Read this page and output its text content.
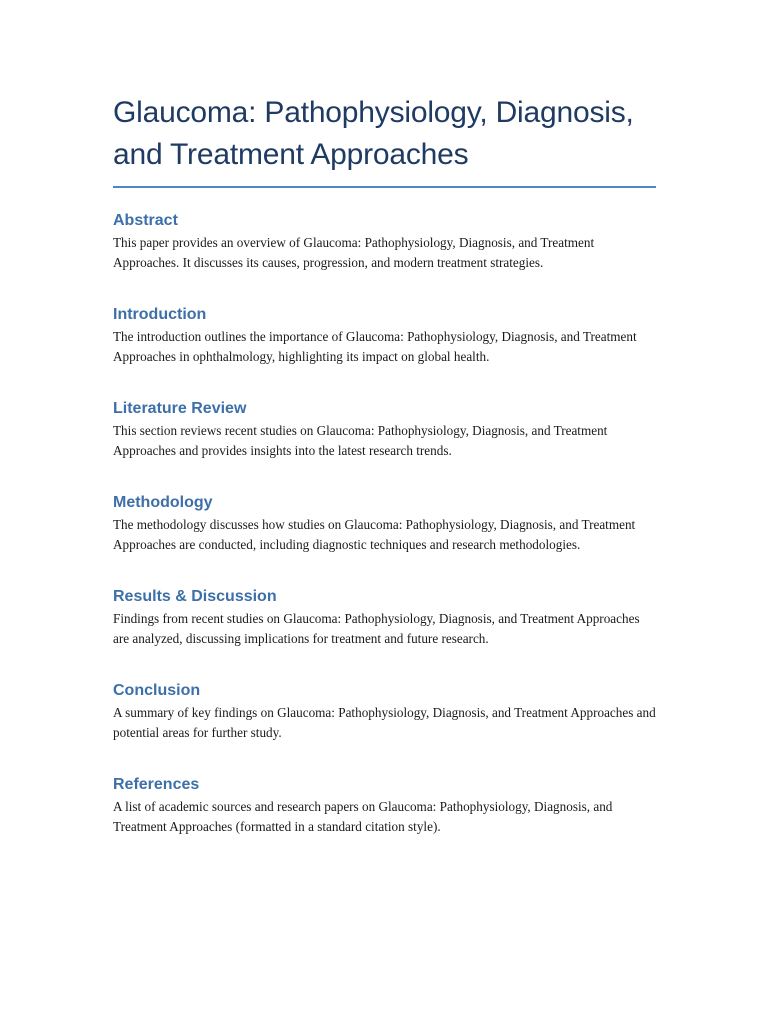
Glaucoma: Pathophysiology, Diagnosis, and Treatment Approaches
Abstract

This paper provides an overview of Glaucoma: Pathophysiology, Diagnosis, and Treatment Approaches. It discusses its causes, progression, and modern treatment strategies.

Introduction

The introduction outlines the importance of Glaucoma: Pathophysiology, Diagnosis, and Treatment Approaches in ophthalmology, highlighting its impact on global health.

Literature Review

This section reviews recent studies on Glaucoma: Pathophysiology, Diagnosis, and Treatment Approaches and provides insights into the latest research trends.

Methodology

The methodology discusses how studies on Glaucoma: Pathophysiology, Diagnosis, and Treatment Approaches are conducted, including diagnostic techniques and research methodologies.

Results & Discussion

Findings from recent studies on Glaucoma: Pathophysiology, Diagnosis, and Treatment Approaches are analyzed, discussing implications for treatment and future research.

Conclusion

A summary of key findings on Glaucoma: Pathophysiology, Diagnosis, and Treatment Approaches and potential areas for further study.

References

A list of academic sources and research papers on Glaucoma: Pathophysiology, Diagnosis, and Treatment Approaches (formatted in a standard citation style).
